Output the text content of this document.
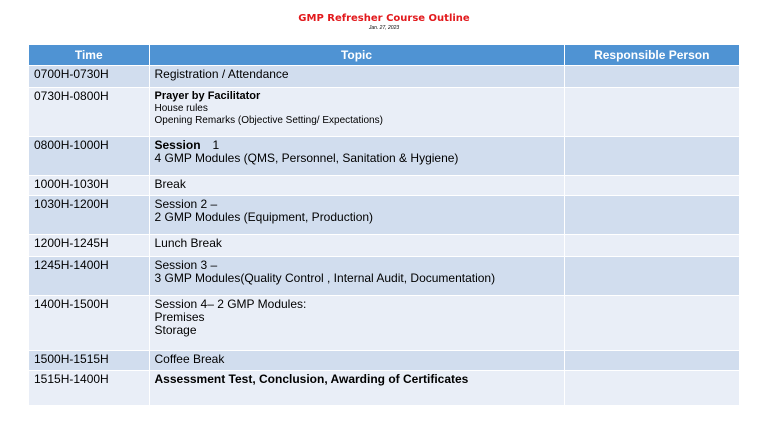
GMP Refresher Course Outline
Jan. 27, 2023
Time	Topic	Responsible Person
0700H-0730H	Registration / Attendance	

0730H-0800H	Prayer by Facilitator
House rules
Opening Remarks (Objective Setting/ Expectations)	

0800H-1000H	Session 1
4 GMP Modules (QMS, Personnel, Sanitation & Hygiene)	

1000H-1030H	Break	

1030H-1200H	Session 2 –
2 GMP Modules (Equipment, Production)	

1200H-1245H	Lunch Break	

1245H-1400H	Session 3 –
3 GMP Modules(Quality Control , Internal Audit, Documentation)	

1400H-1500H	Session 4– 2 GMP Modules:
Premises
Storage	

1500H-1515H	Coffee Break	

1515H-1400H	Assessment Test, Conclusion, Awarding of Certificates	
